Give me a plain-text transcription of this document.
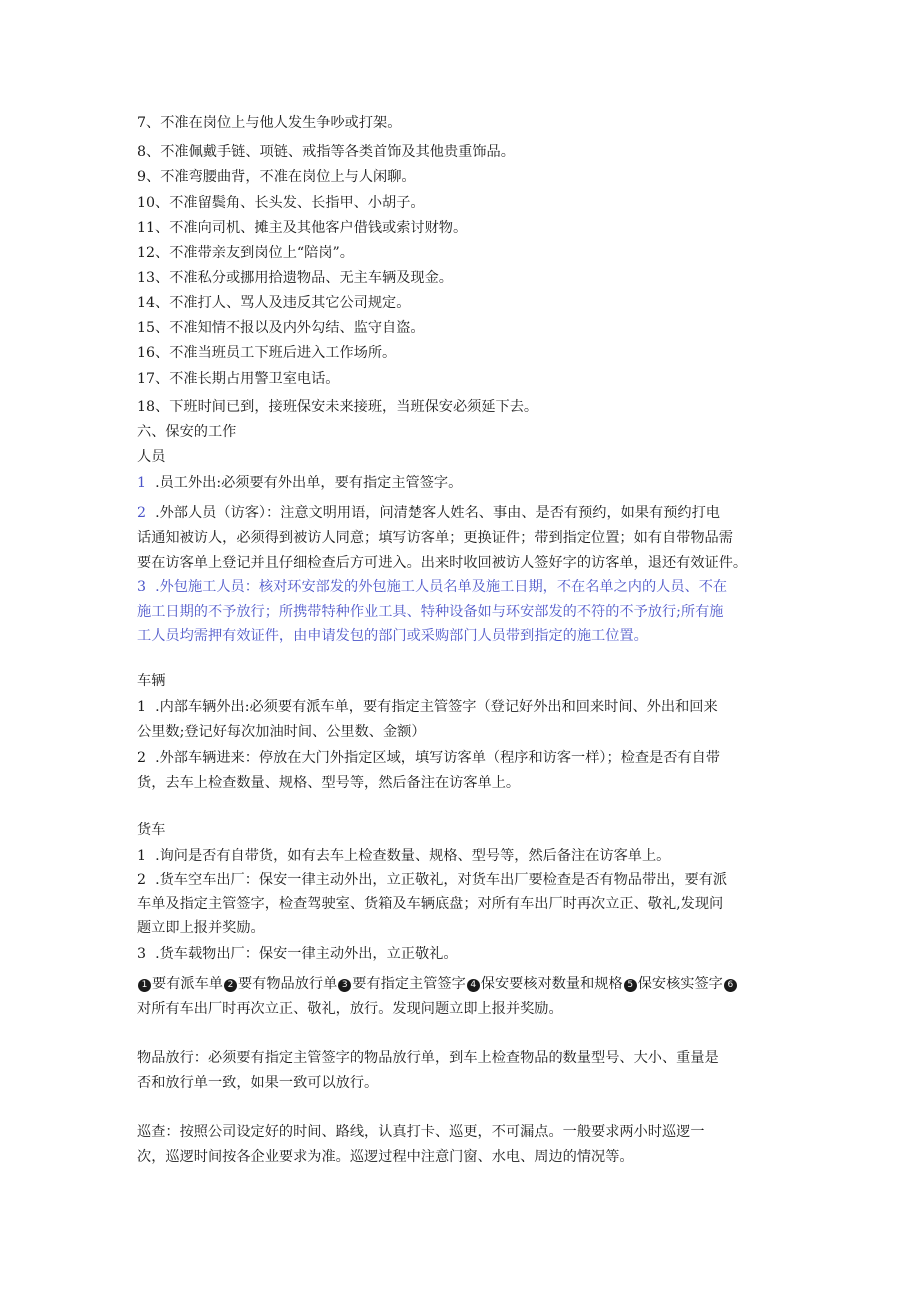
7、不准在岗位上与他人发生争吵或打架。
8、不准佩戴手链、项链、戒指等各类首饰及其他贵重饰品。
9、不准弯腰曲背，不准在岗位上与人闲聊。
10、不准留鬓角、长头发、长指甲、小胡子。
11、不准向司机、摊主及其他客户借钱或索讨财物。
12、不准带亲友到岗位上“陪岗”。
13、不准私分或挪用拾遗物品、无主车辆及现金。
14、不准打人、骂人及违反其它公司规定。
15、不准知情不报以及内外勾结、监守自盗。
16、不准当班员工下班后进入工作场所。
17、不准长期占用警卫室电话。
18、下班时间已到，接班保安未来接班，当班保安必须延下去。
六、保安的工作
人员
1 .员工外出:必须要有外出单，要有指定主管签字。
2 .外部人员（访客）：注意文明用语，问清楚客人姓名、事由、是否有预约，如果有预约打电
话通知被访人，必须得到被访人同意；填写访客单；更换证件；带到指定位置；如有自带物品需
要在访客单上登记并且仔细检查后方可进入。出来时收回被访人签好字的访客单，退还有效证件。
3 .外包施工人员：核对环安部发的外包施工人员名单及施工日期，不在名单之内的人员、不在
施工日期的不予放行；所携带特种作业工具、特种设备如与环安部发的不符的不予放行;所有施
工人员均需押有效证件，由申请发包的部门或采购部门人员带到指定的施工位置。
车辆
1 .内部车辆外出:必须要有派车单，要有指定主管签字（登记好外出和回来时间、外出和回来
公里数;登记好每次加油时间、公里数、金额）
2 .外部车辆进来：停放在大门外指定区域，填写访客单（程序和访客一样）；检查是否有自带
货，去车上检查数量、规格、型号等，然后备注在访客单上。
货车
1 .询问是否有自带货，如有去车上检查数量、规格、型号等，然后备注在访客单上。
2 .货车空车出厂：保安一律主动外出，立正敬礼，对货车出厂要检查是否有物品带出，要有派
车单及指定主管签字，检查驾驶室、货箱及车辆底盘；对所有车出厂时再次立正、敬礼,发现问
题立即上报并奖励。
3 .货车载物出厂：保安一律主动外出，立正敬礼。
1 要有派车单 2 要有物品放行单 3 要有指定主管签字 4 保安要核对数量和规格 5 保安核实签字 6
对所有车出厂时再次立正、敬礼，放行。发现问题立即上报并奖励。
物品放行：必须要有指定主管签字的物品放行单，到车上检查物品的数量型号、大小、重量是
否和放行单一致，如果一致可以放行。
巡查：按照公司设定好的时间、路线，认真打卡、巡更，不可漏点。一般要求两小时巡逻一
次，巡逻时间按各企业要求为准。巡逻过程中注意门窗、水电、周边的情况等。
